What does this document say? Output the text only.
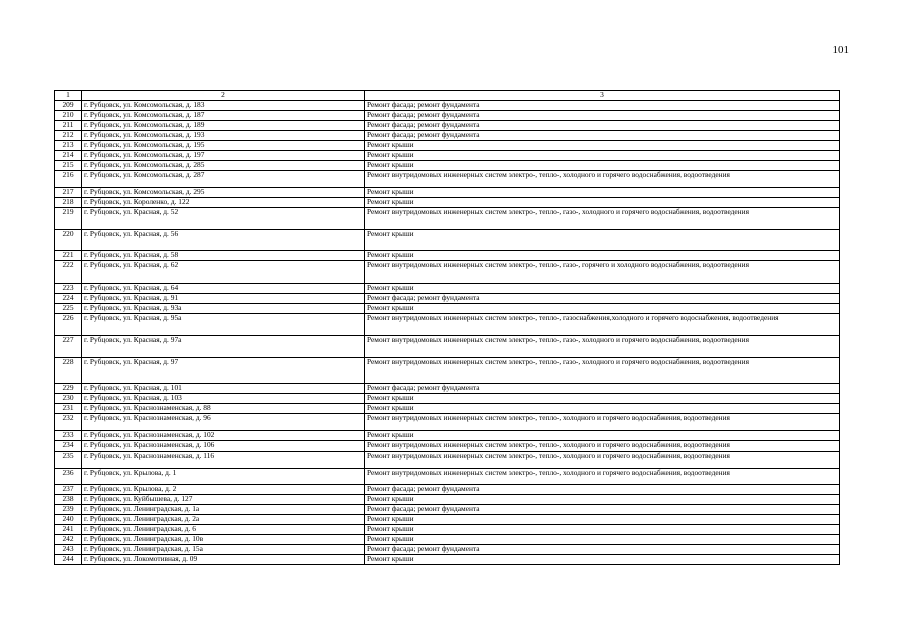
101
1	2	3
209	г. Рубцовск, ул. Комсомольская, д. 183	Ремонт фасада; ремонт фундамента
210	г. Рубцовск, ул. Комсомольская, д. 187	Ремонт фасада; ремонт фундамента
211	г. Рубцовск, ул. Комсомольская, д. 189	Ремонт фасада; ремонт фундамента
212	г. Рубцовск, ул. Комсомольская, д. 193	Ремонт фасада; ремонт фундамента
213	г. Рубцовск, ул. Комсомольская, д. 195	Ремонт крыши
214	г. Рубцовск, ул. Комсомольская, д. 197	Ремонт крыши
215	г. Рубцовск, ул. Комсомольская, д. 285	Ремонт крыши
216	г. Рубцовск, ул. Комсомольская, д. 287	Ремонт внутридомовых инженерных систем электро-, тепло-, холодного и горячего водоснабжения, водоотведения
217	г. Рубцовск, ул. Комсомольская, д. 295	Ремонт крыши
218	г. Рубцовск, ул. Короленко, д. 122	Ремонт крыши
219	г. Рубцовск, ул. Красная, д. 52	Ремонт внутридомовых инженерных систем электро-, тепло-, газо-, холодного и горячего водоснабжения, водоотведения
220	г. Рубцовск, ул. Красная, д. 56	Ремонт крыши
221	г. Рубцовск, ул. Красная, д. 58	Ремонт крыши
222	г. Рубцовск, ул. Красная, д. 62	Ремонт внутридомовых инженерных систем электро-, тепло-, газо-, горячего и холодного водоснабжения, водоотведения
223	г. Рубцовск, ул. Красная, д. 64	Ремонт крыши
224	г. Рубцовск, ул. Красная, д. 91	Ремонт фасада; ремонт фундамента
225	г. Рубцовск, ул. Красная, д. 93а	Ремонт крыши
226	г. Рубцовск, ул. Красная, д. 95а	Ремонт внутридомовых инженерных систем электро-, тепло-, газоснабжения,холодного и горячего водоснабжения, водоотведения
227	г. Рубцовск, ул. Красная, д. 97а	Ремонт внутридомовых инженерных систем электро-, тепло-, газо-, холодного и горячего водоснабжения, водоотведения
228	г. Рубцовск, ул. Красная, д. 97	Ремонт внутридомовых инженерных систем электро-, тепло-, газо-, холодного и горячего водоснабжения, водоотведения
229	г. Рубцовск, ул. Красная, д. 101	Ремонт фасада; ремонт фундамента
230	г. Рубцовск, ул. Красная, д. 103	Ремонт крыши
231	г. Рубцовск, ул. Краснознаменская, д. 88	Ремонт крыши
232	г. Рубцовск, ул. Краснознаменская, д. 96	Ремонт внутридомовых инженерных систем электро-, тепло-, холодного и горячего водоснабжения, водоотведения
233	г. Рубцовск, ул. Краснознаменская, д. 102	Ремонт крыши
234	г. Рубцовск, ул. Краснознаменская, д. 106	Ремонт внутридомовых инженерных систем электро-, тепло-, холодного и горячего водоснабжения, водоотведения
235	г. Рубцовск, ул. Краснознаменская, д. 116	Ремонт внутридомовых инженерных систем электро-, тепло-, холодного и горячего водоснабжения, водоотведения
236	г. Рубцовск, ул. Крылова, д. 1	Ремонт внутридомовых инженерных систем электро-, тепло-, холодного и горячего водоснабжения, водоотведения
237	г. Рубцовск, ул. Крылова, д. 2	Ремонт фасада; ремонт фундамента
238	г. Рубцовск, ул. Куйбышева, д. 127	Ремонт крыши
239	г. Рубцовск, ул. Ленинградская, д. 1а	Ремонт фасада; ремонт фундамента
240	г. Рубцовск, ул. Ленинградская, д. 2а	Ремонт крыши
241	г. Рубцовск, ул. Ленинградская, д. 6	Ремонт крыши
242	г. Рубцовск, ул. Ленинградская, д. 10в	Ремонт крыши
243	г. Рубцовск, ул. Ленинградская, д. 15а	Ремонт фасада; ремонт фундамента
244	г. Рубцовск, ул. Локомотивная, д. 09	Ремонт крыши
